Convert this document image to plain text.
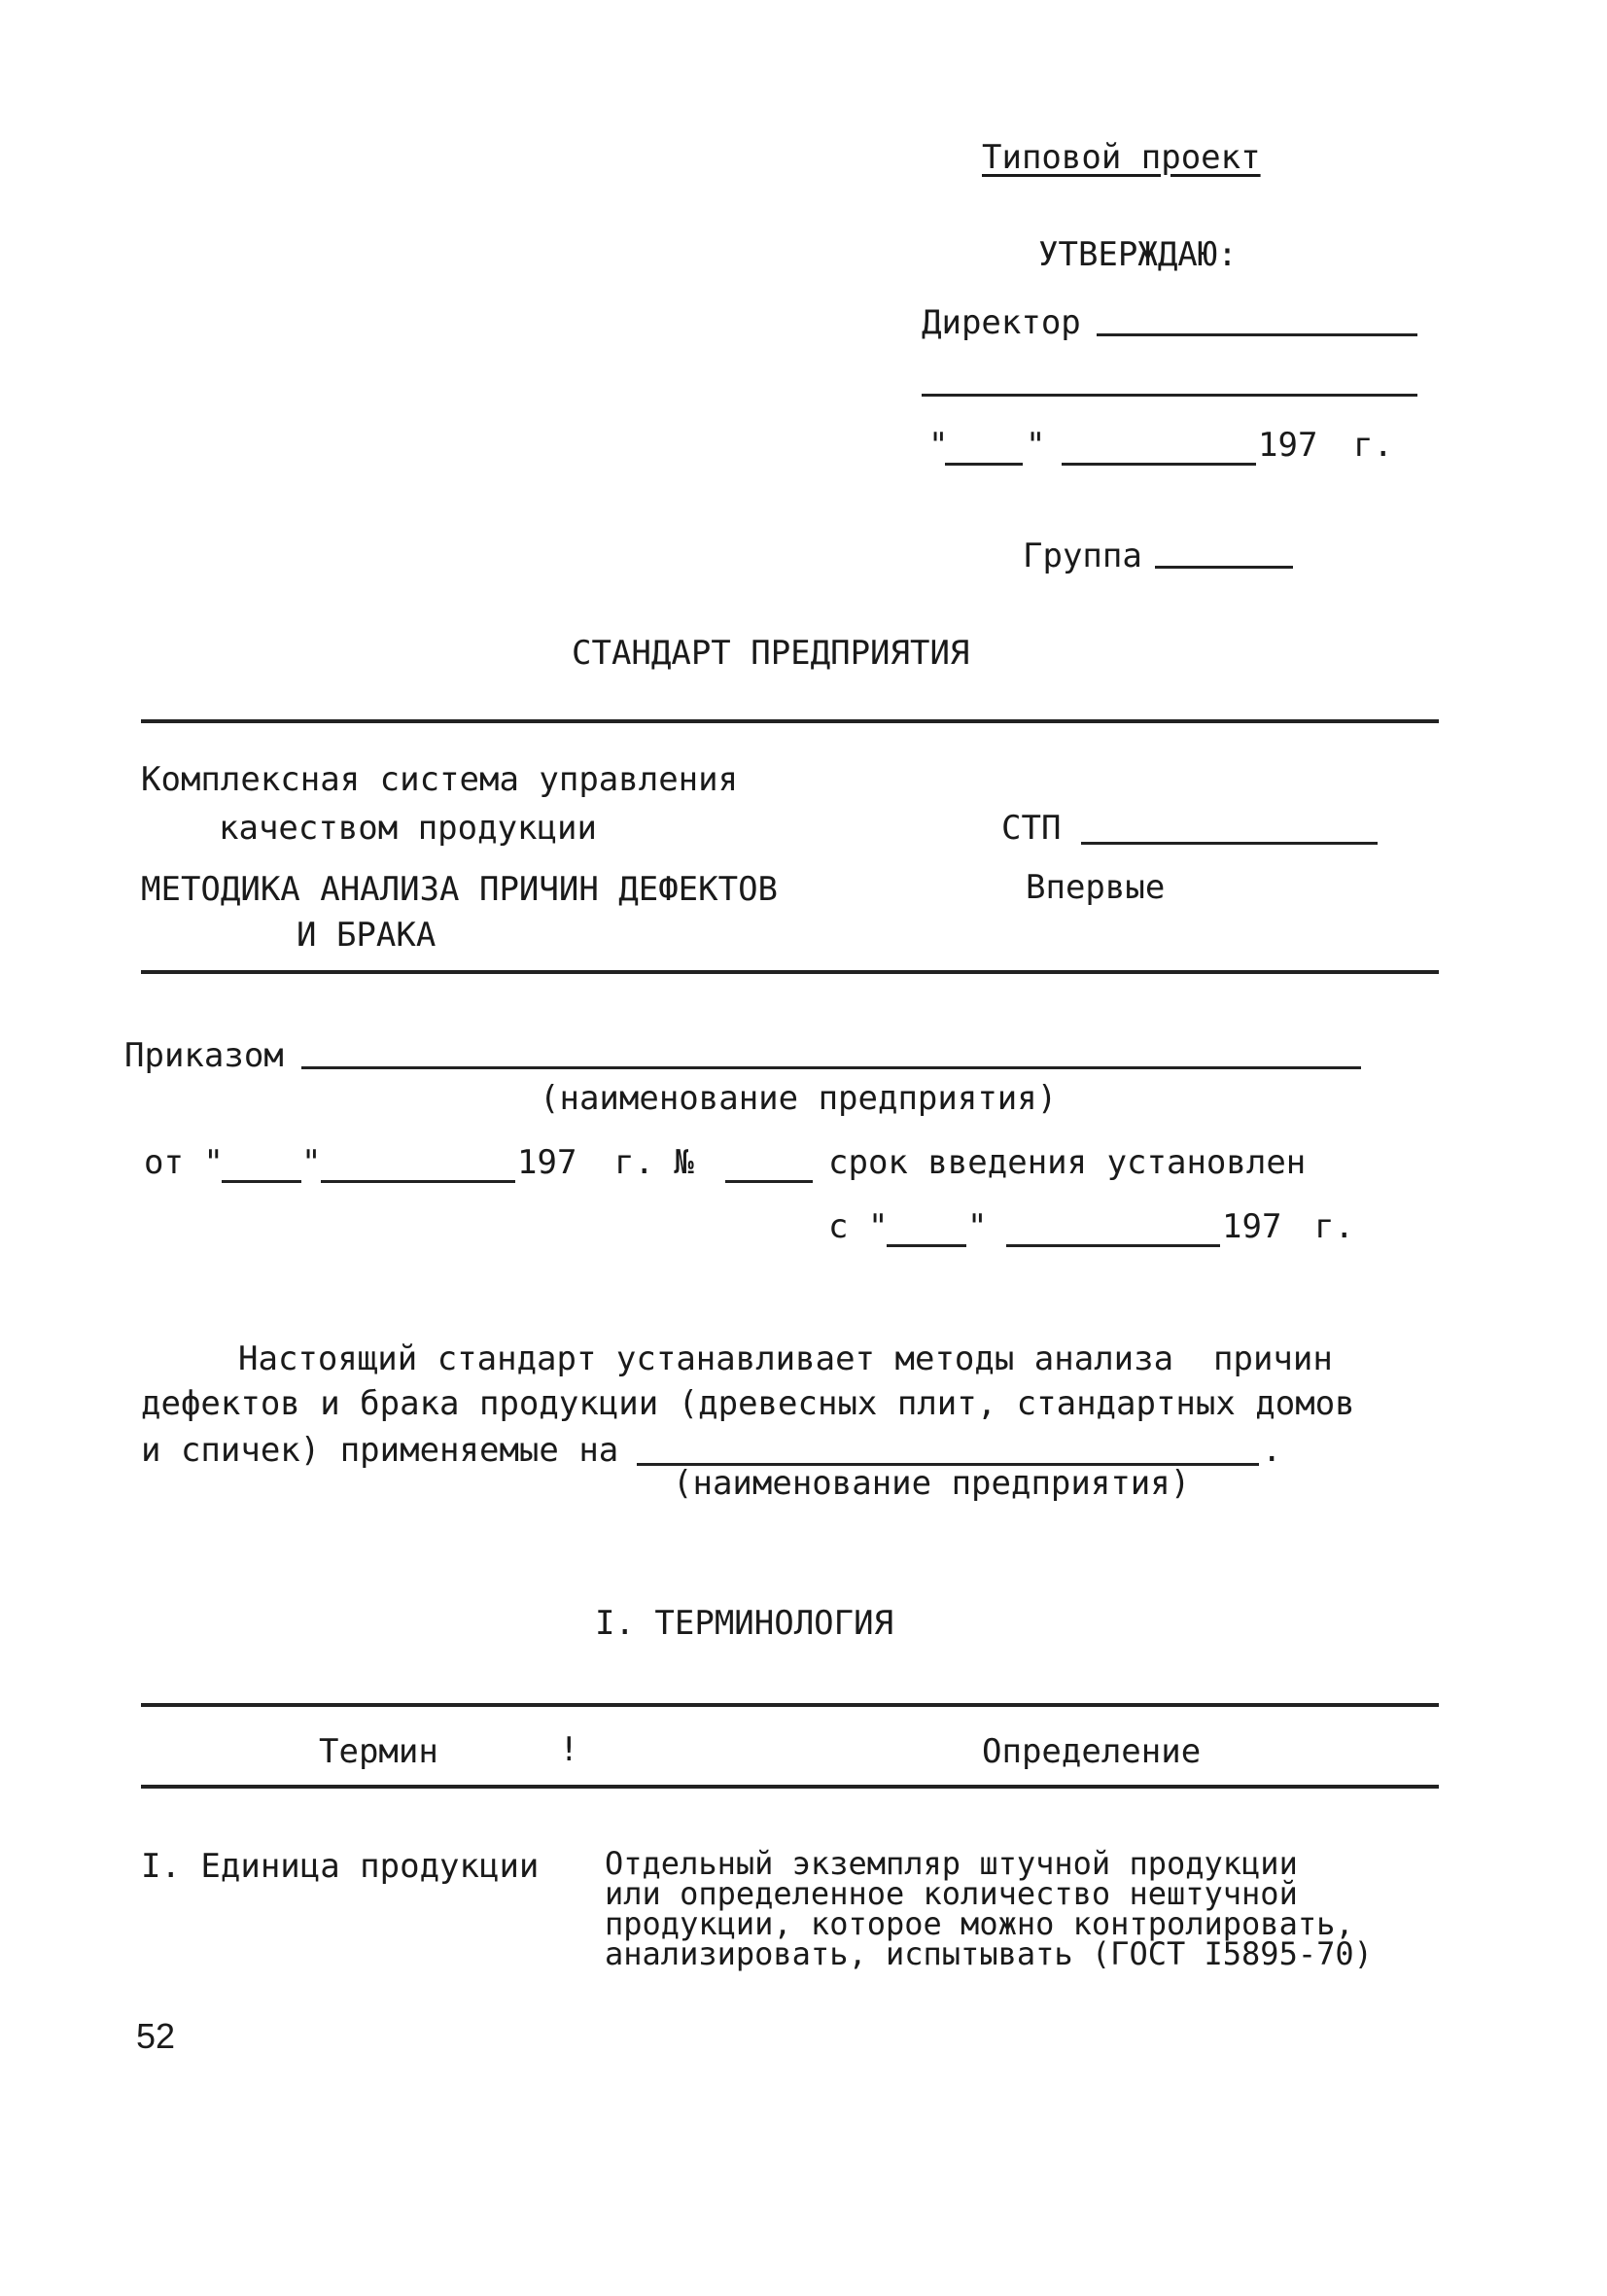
Типовой проект
УТВЕРЖДАЮ:
Директор
" "	197 г.
Группа
СТАНДАРТ ПРЕДПРИЯТИЯ
Комплексная система управления
качеством продукции	СТП
МЕТОДИКА АНАЛИЗА ПРИЧИН ДЕФЕКТОВ
И БРАКА
Впервые
Приказом
(наименование предприятия)
от " "	197 г. №	срок введения установлен
с " "	197 г.
Настоящий стандарт устанавливает методы анализа  причин
дефектов и брака продукции (древесных плит, стандартных домов
и спичек) применяемые на	.
(наименование предприятия)
I. ТЕРМИНОЛОГИЯ
Термин	!	Определение
I. Единица продукции Отдельный экземпляр штучной продукции
или определенное количество нештучной
продукции, которое можно контролировать,
анализировать, испытывать (ГОСТ I5895-70)
52
